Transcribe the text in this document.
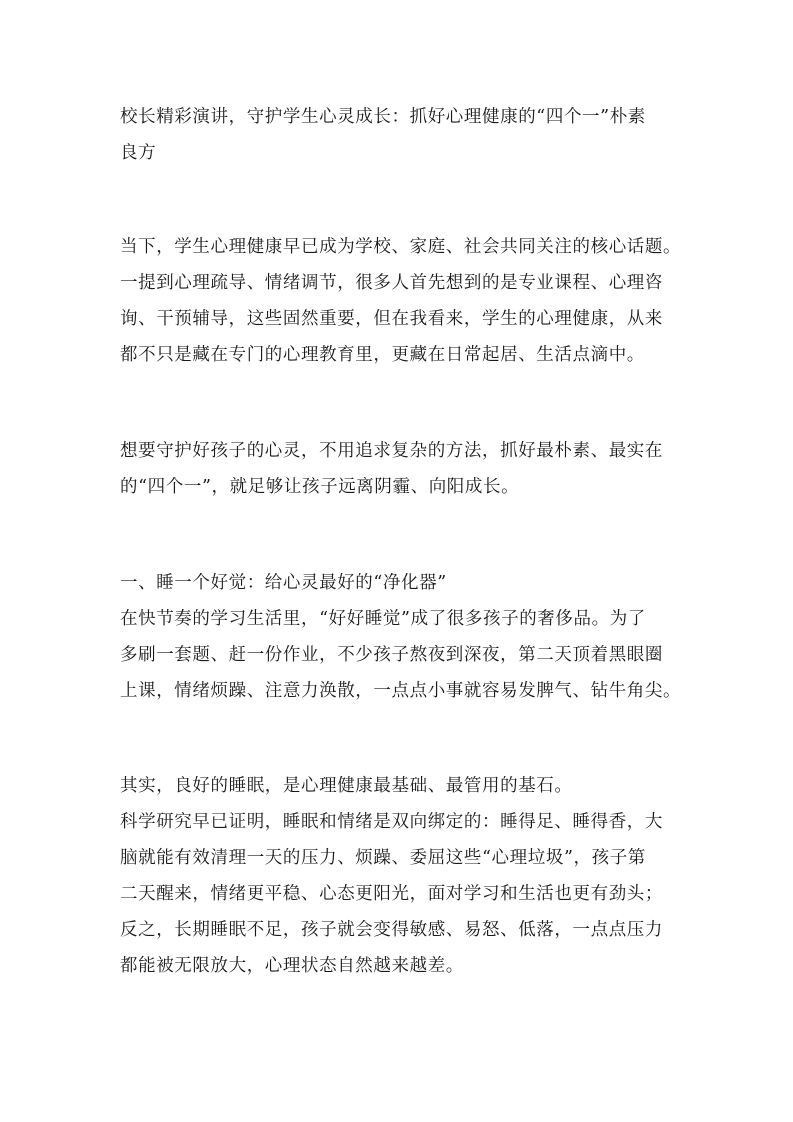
校长精彩演讲，守护学生心灵成长：抓好心理健康的“四个一”朴素
良方
当下，学生心理健康早已成为学校、家庭、社会共同关注的核心话题。
一提到心理疏导、情绪调节，很多人首先想到的是专业课程、心理咨
询、干预辅导，这些固然重要，但在我看来，学生的心理健康，从来
都不只是藏在专门的心理教育里，更藏在日常起居、生活点滴中。
想要守护好孩子的心灵，不用追求复杂的方法，抓好最朴素、最实在
的“四个一”，就足够让孩子远离阴霾、向阳成长。
一、睡一个好觉：给心灵最好的“净化器”
在快节奏的学习生活里，“好好睡觉”成了很多孩子的奢侈品。为了
多刷一套题、赶一份作业，不少孩子熬夜到深夜，第二天顶着黑眼圈
上课，情绪烦躁、注意力涣散，一点点小事就容易发脾气、钻牛角尖。
其实，良好的睡眠，是心理健康最基础、最管用的基石。
科学研究早已证明，睡眠和情绪是双向绑定的：睡得足、睡得香，大
脑就能有效清理一天的压力、烦躁、委屈这些“心理垃圾”，孩子第
二天醒来，情绪更平稳、心态更阳光，面对学习和生活也更有劲头；
反之，长期睡眠不足，孩子就会变得敏感、易怒、低落，一点点压力
都能被无限放大，心理状态自然越来越差。
